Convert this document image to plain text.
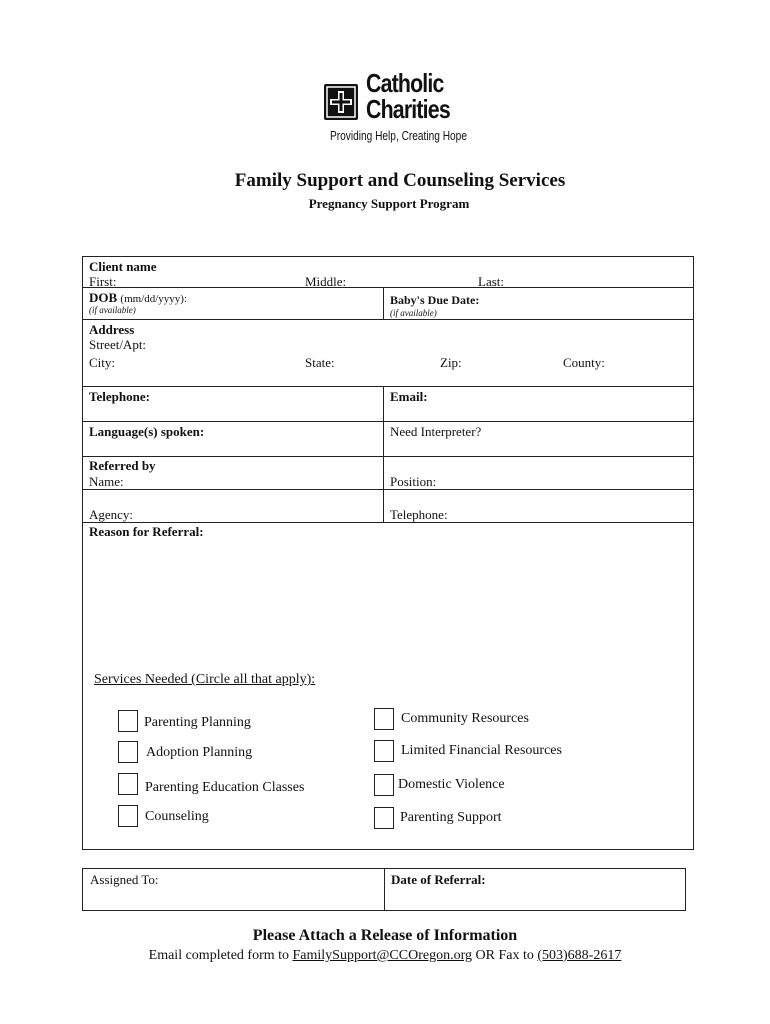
Catholic
Charities
Providing Help, Creating Hope
Family Support and Counseling Services
Pregnancy Support Program
Client name
First:	Middle:	Last:
DOB (mm/dd/yyyy):
(if available)
Baby's Due Date:
(if available)
Address
Street/Apt:
City:	State:	Zip:	County:
Telephone:	Email:
Language(s) spoken:	Need Interpreter?
Referred by
Name:	Position:
Agency:	Telephone:
Reason for Referral:
Services Needed (Circle all that apply):
Parenting Planning
Adoption Planning
Parenting Education Classes
Counseling
Community Resources
Limited Financial Resources
Domestic Violence
Parenting Support
Assigned To:	Date of Referral:
Please Attach a Release of Information
Email completed form to FamilySupport@CCOregon.org OR Fax to (503)688-2617
